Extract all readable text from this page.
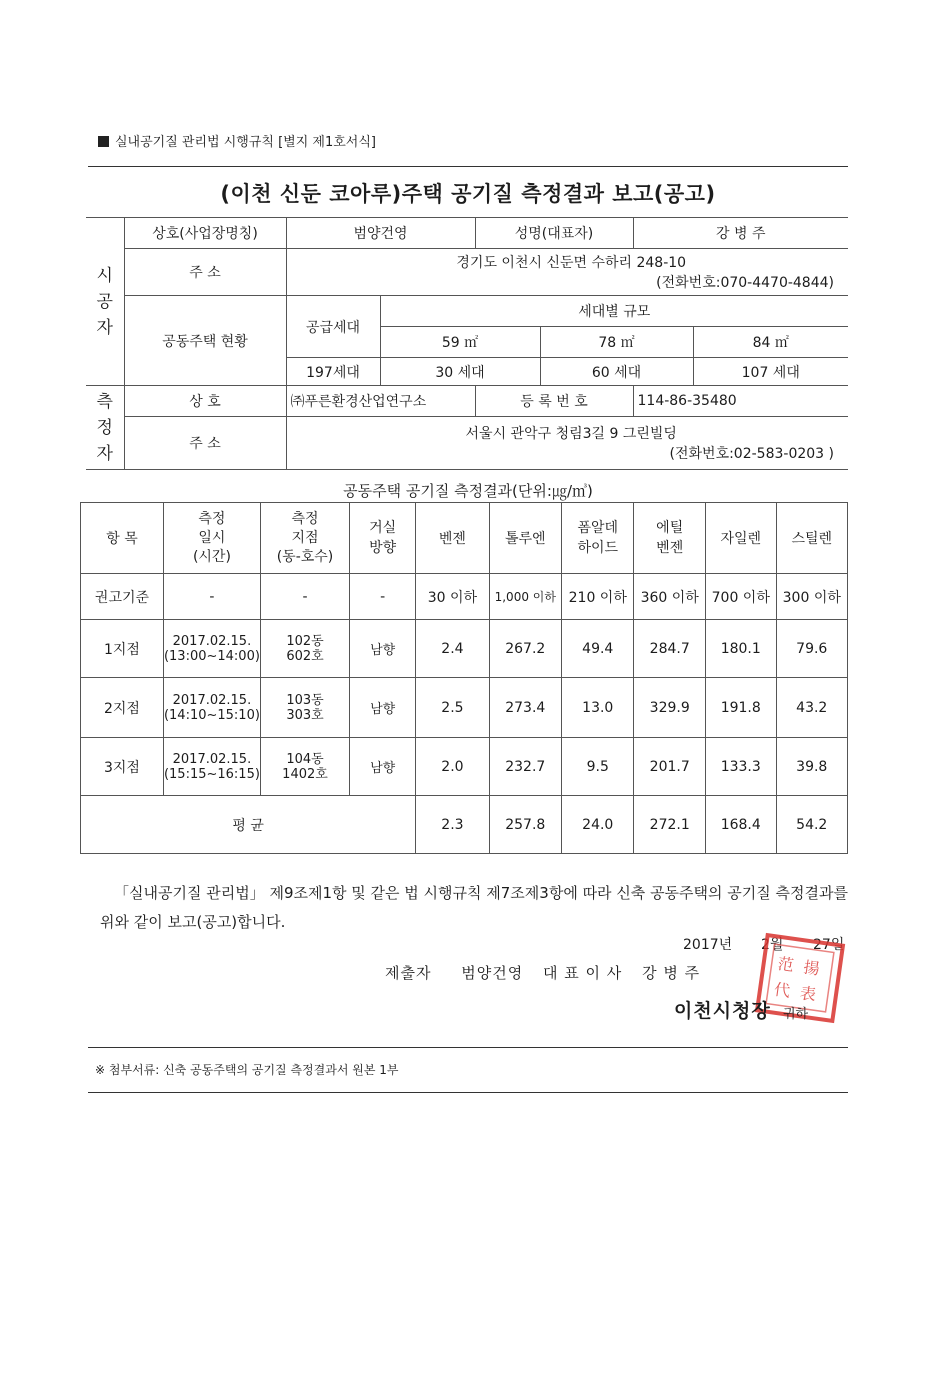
실내공기질 관리법 시행규칙 [별지 제1호서식]
(이천 신둔 코아루)주택 공기질 측정결과 보고(공고)
시
공
자	상호(사업장명칭)	범양건영		성명(대표자)		강 병 주	
	주 소	경기도 이천시 신둔면 수하리 248-10
(전화번호:070-4470-4844)					

	공동주택 현황	공급세대	세대별 규모				
			59 ㎡		78 ㎡		84 ㎡
		197세대	30 세대		60 세대		107 세대
측
정
자	상 호	㈜푸른환경산업연구소		등 록 번 호		114-86-35480	
	주 소	서울시 관악구 청림3길 9 그린빌딩
(전화번호:02-583-0203 )					
공동주택 공기질 측정결과(단위:㎍/㎥)
항 목	측정
일시
(시간)	측정
지점
(동-호수)	거실
방향	벤젠	톨루엔	폼알데
하이드	에틸
벤젠	자일렌	스틸렌
권고기준	-	-	-	30 이하	1,000 이하	210 이하	360 이하	700 이하	300 이하
1지점	2017.02.15.
(13:00~14:00)	102동
602호	남향	2.4	267.2	49.4	284.7	180.1	79.6
2지점	2017.02.15.
(14:10~15:10)	103동
303호	남향	2.5	273.4	13.0	329.9	191.8	43.2
3지점	2017.02.15.
(15:15~16:15)	104동
1402호	남향	2.0	232.7	9.5	201.7	133.3	39.8
평 균				2.3	257.8	24.0	272.1	168.4	54.2
「실내공기질 관리법」 제9조제1항 및 같은 법 시행규칙 제7조제3항에 따라 신축 공동주택의 공기질 측정결과를 위와 같이 보고(공고)합니다.
2017년 2월 27일
제출자 범양건영 대 표 이 사 강 병 주	范 揚
代 表
이천시청장 귀하
※ 첨부서류: 신축 공동주택의 공기질 측정결과서 원본 1부
